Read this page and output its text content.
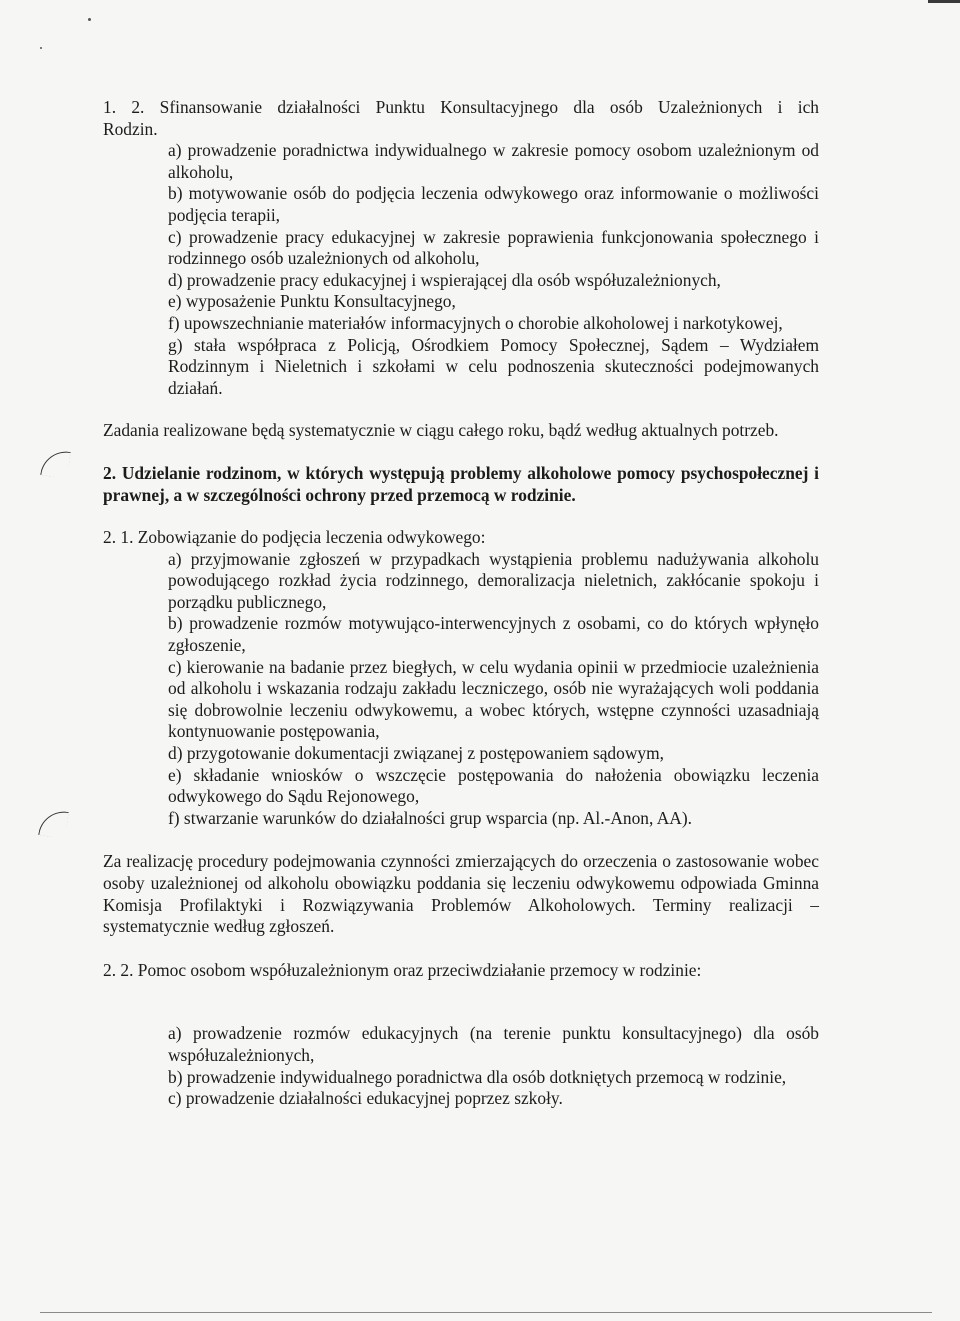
1. 2. Sfinansowanie działalności Punktu Konsultacyjnego dla osób Uzależnionych i ich

Rodzin.

a) prowadzenie poradnictwa indywidualnego w zakresie pomocy osobom uzależnionym od alkoholu,

b) motywowanie osób do podjęcia leczenia odwykowego oraz informowanie o możliwości podjęcia terapii,

c) prowadzenie pracy edukacyjnej w zakresie poprawienia funkcjonowania społecznego i rodzinnego osób uzależnionych od alkoholu,

d) prowadzenie pracy edukacyjnej i wspierającej dla osób współuzależnionych,

e) wyposażenie Punktu Konsultacyjnego,

f) upowszechnianie materiałów informacyjnych o chorobie alkoholowej i narkotykowej,

g) stała współpraca z Policją, Ośrodkiem Pomocy Społecznej, Sądem – Wydziałem Rodzinnym i Nieletnich i szkołami w celu podnoszenia skuteczności podejmowanych działań.

Zadania realizowane będą systematycznie w ciągu całego roku, bądź według aktualnych potrzeb.

2. Udzielanie rodzinom, w których występują problemy alkoholowe pomocy psychospołecznej i prawnej, a w szczególności ochrony przed przemocą w rodzinie.

2. 1. Zobowiązanie do podjęcia leczenia odwykowego:

a) przyjmowanie zgłoszeń w przypadkach wystąpienia problemu nadużywania alkoholu powodującego rozkład życia rodzinnego, demoralizacja nieletnich, zakłócanie spokoju i porządku publicznego,

b) prowadzenie rozmów motywująco-interwencyjnych z osobami, co do których wpłynęło zgłoszenie,

c) kierowanie na badanie przez biegłych, w celu wydania opinii w przedmiocie uzależnienia od alkoholu i wskazania rodzaju zakładu leczniczego, osób nie wyrażających woli poddania się dobrowolnie leczeniu odwykowemu, a wobec których, wstępne czynności uzasadniają kontynuowanie postępowania,

d) przygotowanie dokumentacji związanej z postępowaniem sądowym,

e) składanie wniosków o wszczęcie postępowania do nałożenia obowiązku leczenia odwykowego do Sądu Rejonowego,

f) stwarzanie warunków do działalności grup wsparcia (np. Al.-Anon, AA).

Za realizację procedury podejmowania czynności zmierzających do orzeczenia o zastosowanie wobec osoby uzależnionej od alkoholu obowiązku poddania się leczeniu odwykowemu odpowiada Gminna Komisja Profilaktyki i Rozwiązywania Problemów Alkoholowych. Terminy realizacji – systematycznie według zgłoszeń.

2. 2. Pomoc osobom współuzależnionym oraz przeciwdziałanie przemocy w rodzinie:

a) prowadzenie rozmów edukacyjnych (na terenie punktu konsultacyjnego) dla osób współuzależnionych,

b) prowadzenie indywidualnego poradnictwa dla osób dotkniętych przemocą w rodzinie,

c) prowadzenie działalności edukacyjnej poprzez szkoły.
